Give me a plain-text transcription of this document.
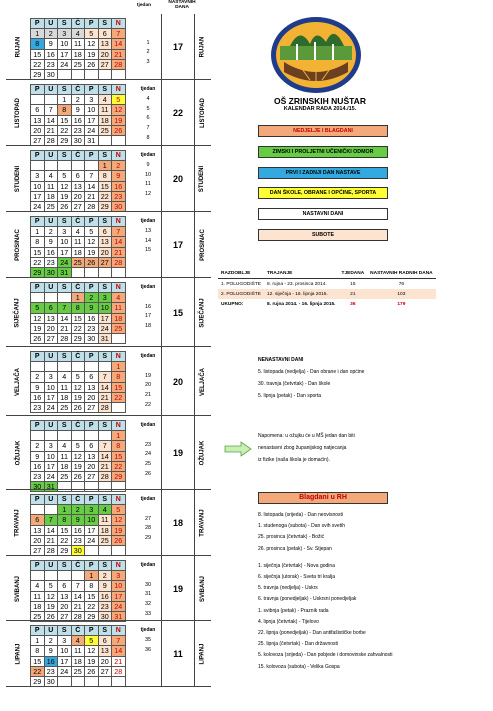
RUJAN	RUJAN
P	U	S	Č	P	S	N
1	2	3	4	5	6	7
8	9	10	11	12	13	14
15	16	17	18	19	20	21
22	23	24	25	26	27	28
29	30					
1
2
3
17
LISTOPAD	LISTOPAD
P	U	S	Č	P	S	N
		1	2	3	4	5
6	7	8	9	10	11	12
13	14	15	16	17	18	19
20	21	22	23	24	25	26
27	28	29	30	31		
tjedan
4
5
6
7
8
22
STUDENI	STUDENI
P	U	S	Č	P	S	N
					1	2
3	4	5	6	7	8	9
10	11	12	13	14	15	16
17	18	19	20	21	22	23
24	25	26	27	28	29	30
tjedan
9
10
11
12
20
PROSINAC	PROSINAC
P	U	S	Č	P	S	N
1	2	3	4	5	6	7
8	9	10	11	12	13	14
15	16	17	18	19	20	21
22	23	24	25	26	27	28
29	30	31				
tjedan
13
14
15
17
SIJEČANJ	SIJEČANJ
P	U	S	Č	P	S	N
			1	2	3	4
5	6	7	8	9	10	11
12	13	14	15	16	17	18
19	20	21	22	23	24	25
26	27	28	29	30	31	
tjedan
16
17
18
15
VELJAČA	VELJAČA
P	U	S	Č	P	S	N
						1
2	3	4	5	6	7	8
9	10	11	12	13	14	15
16	17	18	19	20	21	22
23	24	25	26	27	28	
tjedan
19
20
21
22
20
OŽUJAK	OŽUJAK
P	U	S	Č	P	S	N
						1
2	3	4	5	6	7	8
9	10	11	12	13	14	15
16	17	18	19	20	21	22
23	24	25	26	27	28	29
30	31					
tjedan
23
24
25
26
19
TRAVANJ	TRAVANJ
P	U	S	Č	P	S	N
		1	2	3	4	5
6	7	8	9	10	11	12
13	14	15	16	17	18	19
20	21	22	23	24	25	26
27	28	29	30			
tjedan
27
28
29
18
SVIBANJ	SVIBANJ
P	U	S	Č	P	S	N
				1	2	3
4	5	6	7	8	9	10
11	12	13	14	15	16	17
18	19	20	21	22	23	24
25	26	27	28	29	30	31
tjedan
30
31
32
33
19
LIPANJ	LIPANJ
P	U	S	Č	P	S	N
1	2	3	4	5	6	7
8	9	10	11	12	13	14
15	16	17	18	19	20	21
22	23	24	25	26	27	28
29	30					
tjedan
35
36	11
tjedan
NASTAVNIH DANA
OŠ ZRINSKIH NUŠTAR
KALENDAR RADA 2014./15.
NEDJELJE I BLAGDANI
ZIMSKI I PROLJETNI UČENIČKI ODMOR
PRVI I ZADNJI DAN NASTAVE
DAN ŠKOLE, OBRANE I OPĆINE, SPORTA
NASTAVNI DANI
SUBOTE
RAZDOBLJE	TRAJANJE	TJEDANA	NASTAVNIH RADNIH DANA
1. POLUGODIŠTE	8. rujna - 23. prosinca 2014.	15	76
2. POLUGODIŠTE	12. siječnja - 16. lipnja 2015.	21	103
UKUPNO:	8. rujna 2014. - 16. lipnja 2015.	36	179
NENASTAVNI DANI
5. listopada (nedjelja) - Dan obrane i dan općine
30. travnja (četvrtak) - Dan škole
5. lipnja (petak) - Dan sporta
Napomena: u ožujku će u MŠ jedan dan biti
nenastavni zbog županijskog natjecanja
iz fizike (naša škola je domaćin).
Blagdani u RH
8. listopada (srijeda) - Dan neovisnosti
1. studenoga (subota) - Dan svih svetih
25. prosinca (četvrtak) - Božić
26. prosinca (petak) - Sv. Stjepan
1. siječnja (četvrtak) - Nova godina
6. siječnja (utorak) - Sveta tri kralja
5. travnja (nedjelja) - Uskrs
6. travnja (ponedjeljak) - Uskrsni ponedjeljak
1. svibnja (petak) - Praznik rada
4. lipnja (četvrtak) - Tijelovo
22. lipnja (ponedjeljak) - Dan antifašističke borbe
25. lipnja (četvrtak) - Dan državnosti
5. kolovoza (srijeda) - Dan pobjede i domovinske zahvalnosti
15. kolovoza (subota) - Velika Gospa
